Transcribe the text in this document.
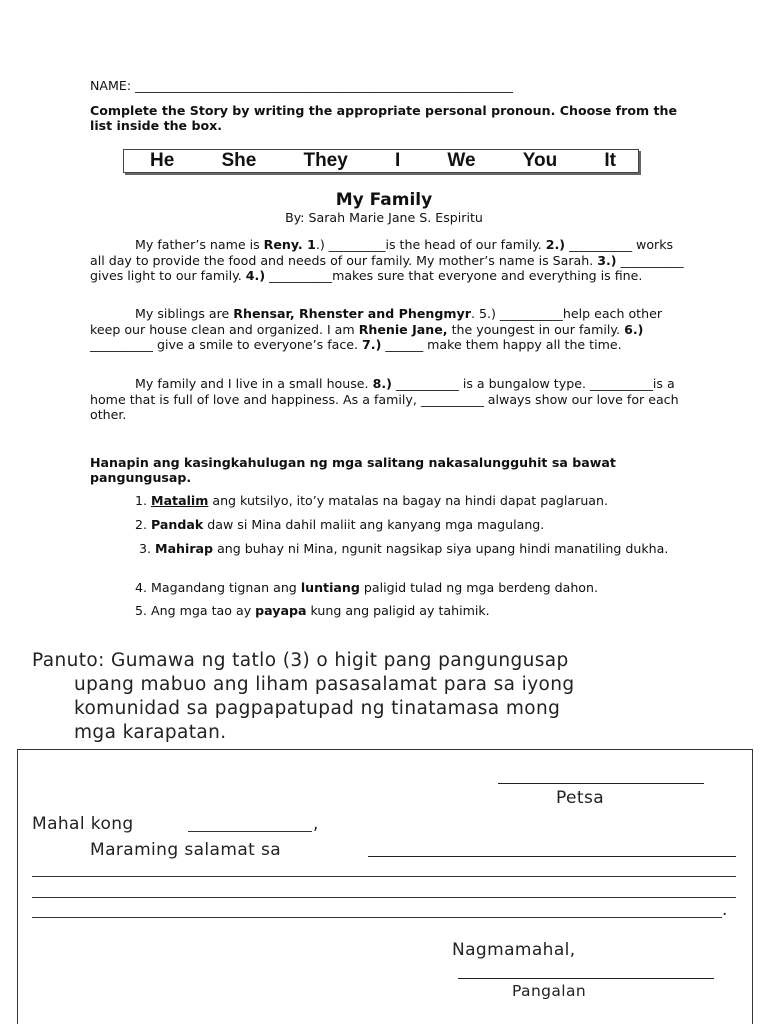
NAME: ____________________________________________________________
Complete the Story by writing the appropriate personal pronoun. Choose from the list inside the box.
He She They I We You It
My Family
By: Sarah Marie Jane S. Espiritu
My father’s name is Reny. 1.) _________is the head of our family. 2.) __________ works all day to provide the food and needs of our family. My mother’s name is Sarah. 3.) __________ gives light to our family. 4.) __________makes sure that everyone and everything is fine.
My siblings are Rhensar, Rhenster and Phengmyr. 5.) __________help each other keep our house clean and organized. I am Rhenie Jane, the youngest in our family. 6.) __________ give a smile to everyone’s face. 7.) ______ make them happy all the time.
My family and I live in a small house. 8.) __________ is a bungalow type. __________is a home that is full of love and happiness. As a family, __________ always show our love for each other.
Hanapin ang kasingkahulugan ng mga salitang nakasalungguhit sa bawat pangungusap.
1. Matalim ang kutsilyo, ito’y matalas na bagay na hindi dapat paglaruan.
2. Pandak daw si Mina dahil maliit ang kanyang mga magulang.
3. Mahirap ang buhay ni Mina, ngunit nagsikap siya upang hindi manatiling dukha.
4. Magandang tignan ang luntiang paligid tulad ng mga berdeng dahon.
5. Ang mga tao ay payapa kung ang paligid ay tahimik.
Panuto: Gumawa ng tatlo (3) o higit pang pangungusap
upang mabuo ang liham pasasalamat para sa iyong
komunidad sa pagpapatupad ng tinatamasa mong
mga karapatan.
Petsa
Mahal kong	,
Maraming salamat sa
.
Nagmamahal,
Pangalan
